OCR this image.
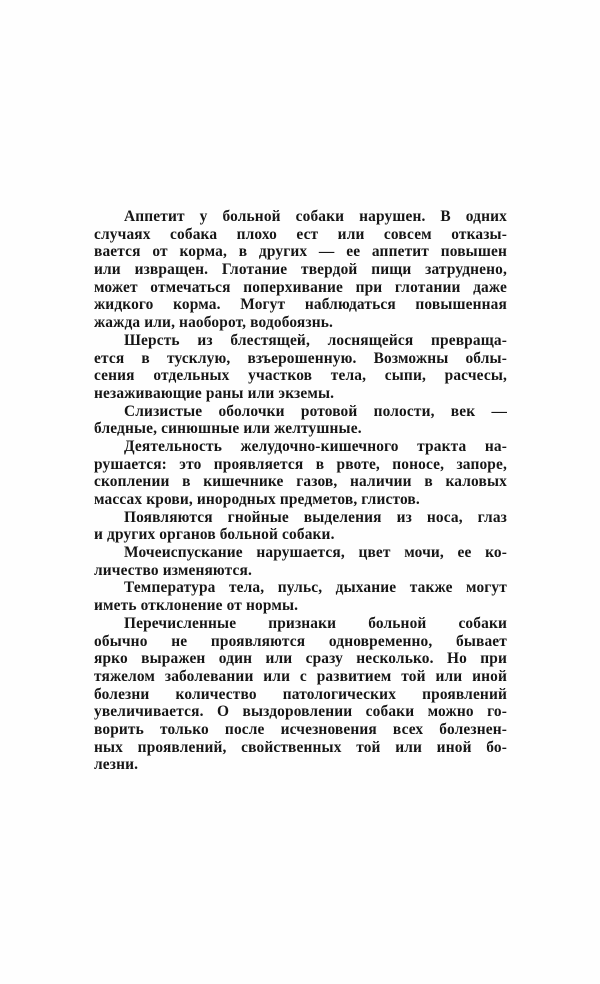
Аппетит у больной собаки нарушен. В одних
случаях собака плохо ест или совсем отказы-
вается от корма, в других — ее аппетит повышен
или извращен. Глотание твердой пищи затруднено,
может отмечаться поперхивание при глотании даже
жидкого корма. Могут наблюдаться повышенная
жажда или, наоборот, водобоязнь.
Шерсть из блестящей, лоснящейся превраща-
ется в тусклую, взъерошенную. Возможны облы-
сения отдельных участков тела, сыпи, расчесы,
незаживающие раны или экземы.
Слизистые оболочки ротовой полости, век —
бледные, синюшные или желтушные.
Деятельность желудочно-кишечного тракта на-
рушается: это проявляется в рвоте, поносе, запоре,
скоплении в кишечнике газов, наличии в каловых
массах крови, инородных предметов, глистов.
Появляются гнойные выделения из носа, глаз
и других органов больной собаки.
Мочеиспускание нарушается, цвет мочи, ее ко-
личество изменяются.
Температура тела, пульс, дыхание также могут
иметь отклонение от нормы.
Перечисленные признаки больной собаки
обычно не проявляются одновременно, бывает
ярко выражен один или сразу несколько. Но при
тяжелом заболевании или с развитием той или иной
болезни количество патологических проявлений
увеличивается. О выздоровлении собаки можно го-
ворить только после исчезновения всех болезнен-
ных проявлений, свойственных той или иной бо-
лезни.
